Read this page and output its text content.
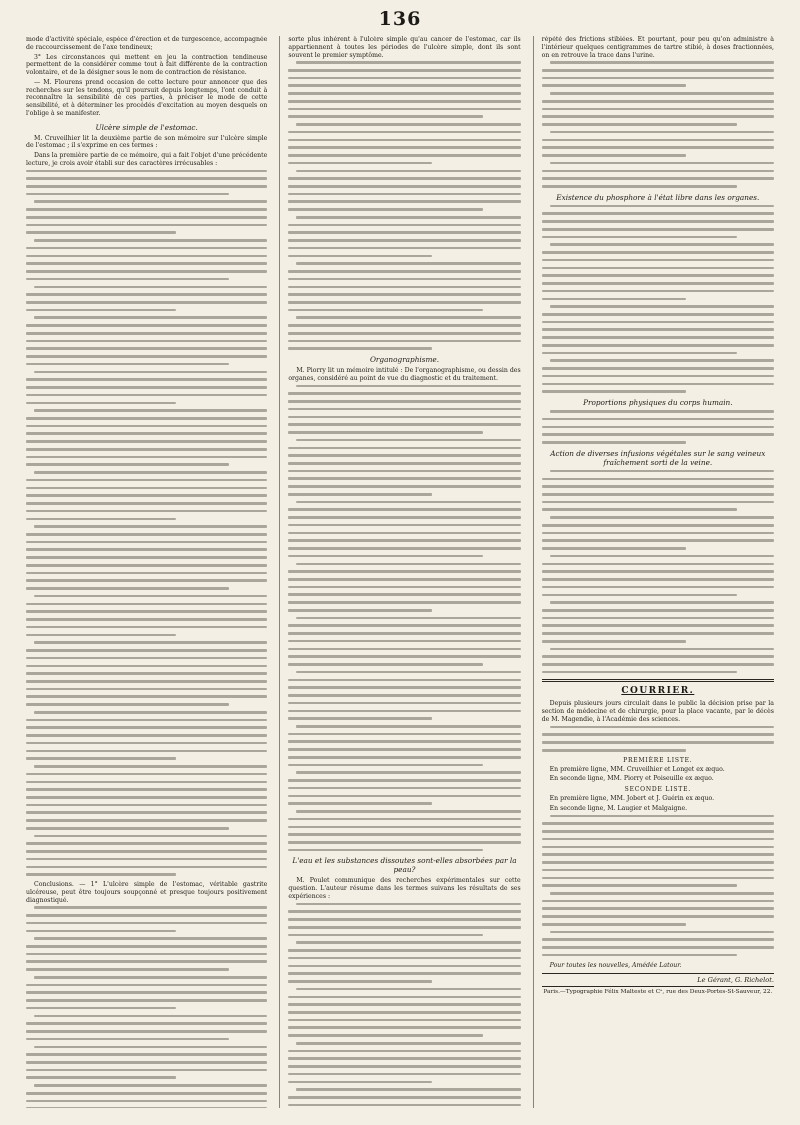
136

mode d'activité spéciale, espèce d'érection et de turgescence, accompagnée de raccourcissement de l'axe tendineux;

3° Les circonstances qui mettent en jeu la contraction tendineuse permettent de la considérer comme tout à fait différente de la contraction volontaire, et de la désigner sous le nom de contraction de résistance.

— M. Flourens prend occasion de cette lecture pour annoncer que des recherches sur les tendons, qu'il poursuit depuis longtemps, l'ont conduit à reconnaître la sensibilité de ces parties, à préciser le mode de cette sensibilité, et à déterminer les procédés d'excitation au moyen desquels on l'oblige à se manifester.

Ulcère simple de l'estomac.

M. Cruveilhier lit la deuxième partie de son mémoire sur l'ulcère simple de l'estomac ; il s'exprime en ces termes :

Dans la première partie de ce mémoire, qui a fait l'objet d'une précédente lecture, je crois avoir établi sur des caractères irrécusables :

Conclusions. — 1° L'ulcère simple de l'estomac, véritable gastrite ulcéreuse, peut être toujours soupçonné et presque toujours positivement diagnostiqué.

sorte plus inhérent à l'ulcère simple qu'au cancer de l'estomac, car ils appartiennent à toutes les périodes de l'ulcère simple, dont ils sont souvent le premier symptôme.

Organographisme.

M. Piorry lit un mémoire intitulé : De l'organographisme, ou dessin des organes, considéré au point de vue du diagnostic et du traitement.

L'eau et les substances dissoutes sont-elles absorbées par la peau?

M. Poulet communique des recherches expérimentales sur cette question. L'auteur résume dans les termes suivans les résultats de ses expériences :

répété des frictions stibiées. Et pourtant, pour peu qu'on administre à l'intérieur quelques centigrammes de tartre stibié, à doses fractionnées, on en retrouve la trace dans l'urine.

Existence du phosphore à l'état libre dans les organes.
Proportions physiques du corps humain.
Action de diverses infusions végétales sur le sang veineux fraîchement sorti de la veine.
COURRIER.

Depuis plusieurs jours circulait dans le public la décision prise par la section de médecine et de chirurgie, pour la place vacante, par le décès de M. Magendie, à l'Académie des sciences.

PREMIÈRE LISTE.

En première ligne, MM. Cruveilhier et Longet ex æquo.

En seconde ligne, MM. Piorry et Poiseuille ex æquo.

SECONDE LISTE.

En première ligne, MM. Jobert et J. Guérin ex æquo.

En seconde ligne, M. Laugier et Malgaigne.

Pour toutes les nouvelles, Amédée Latour.

Le Gérant, G. Richelot.
Paris.—Typographie Félix Malteste et Cᵉ, rue des Deux-Portes-St-Sauveur, 22.
